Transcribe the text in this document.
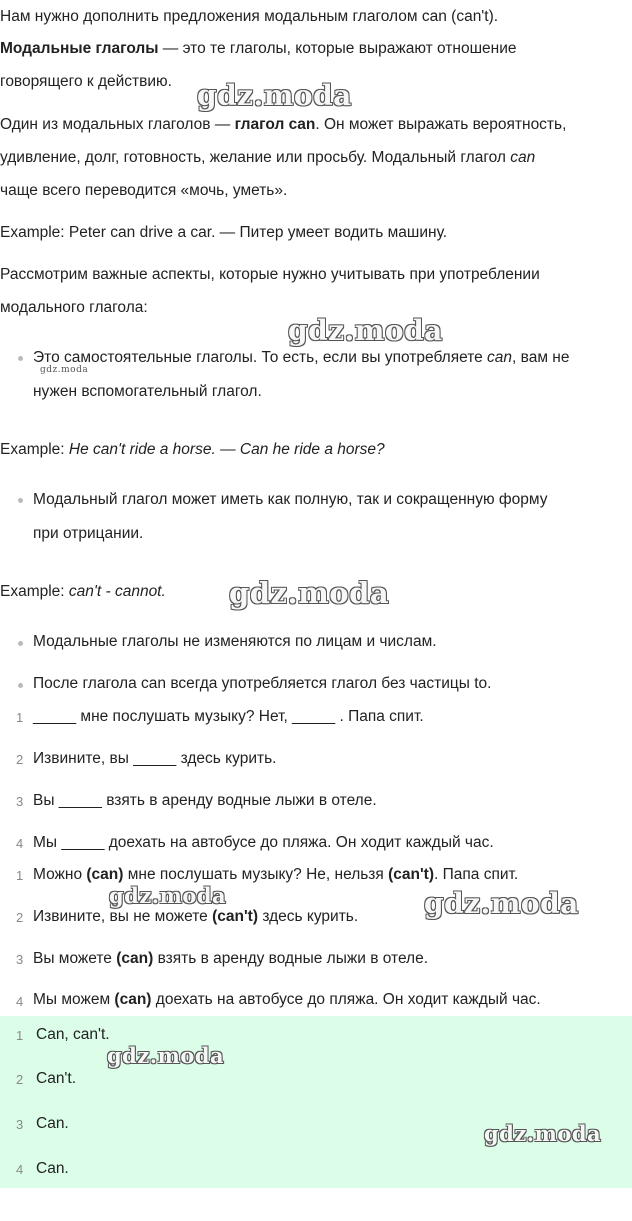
Нам нужно дополнить предложения модальным глаголом can (can't).
Модальные глаголы — это те глаголы, которые выражают отношение
говорящего к действию.
Один из модальных глаголов — глагол can. Он может выражать вероятность,
удивление, долг, готовность, желание или просьбу. Модальный глагол can
чаще всего переводится «мочь, уметь».
Example: Peter can drive a car. — Питер умеет водить машину.
Рассмотрим важные аспекты, которые нужно учитывать при употреблении
модального глагола:
Это самостоятельные глаголы. То есть, если вы употребляете can, вам не
нужен вспомогательный глагол.
Example: He can't ride a horse. — Can he ride a horse?
Модальный глагол может иметь как полную, так и сокращенную форму
при отрицании.
Example: can't - cannot.
Модальные глаголы не изменяются по лицам и числам.
После глагола can всегда употребляется глагол без частицы to.
1 _____ мне послушать музыку? Нет, _____ . Папа спит.
2 Извините, вы _____ здесь курить.
3 Вы _____ взять в аренду водные лыжи в отеле.
4 Мы _____ доехать на автобусе до пляжа. Он ходит каждый час.
1 Можно (can) мне послушать музыку? Не, нельзя (can't). Папа спит.
2 Извините, вы не можете (can't) здесь курить.
3 Вы можете (can) взять в аренду водные лыжи в отеле.
4 Мы можем (can) доехать на автобусе до пляжа. Он ходит каждый час.
1 Can, can't.
2 Can't.
3 Can.
4 Can.
gdz.moda
gdz.moda
gdz.moda
gdz.moda
gdz.moda	gdz.moda
gdz.moda
gdz.moda
